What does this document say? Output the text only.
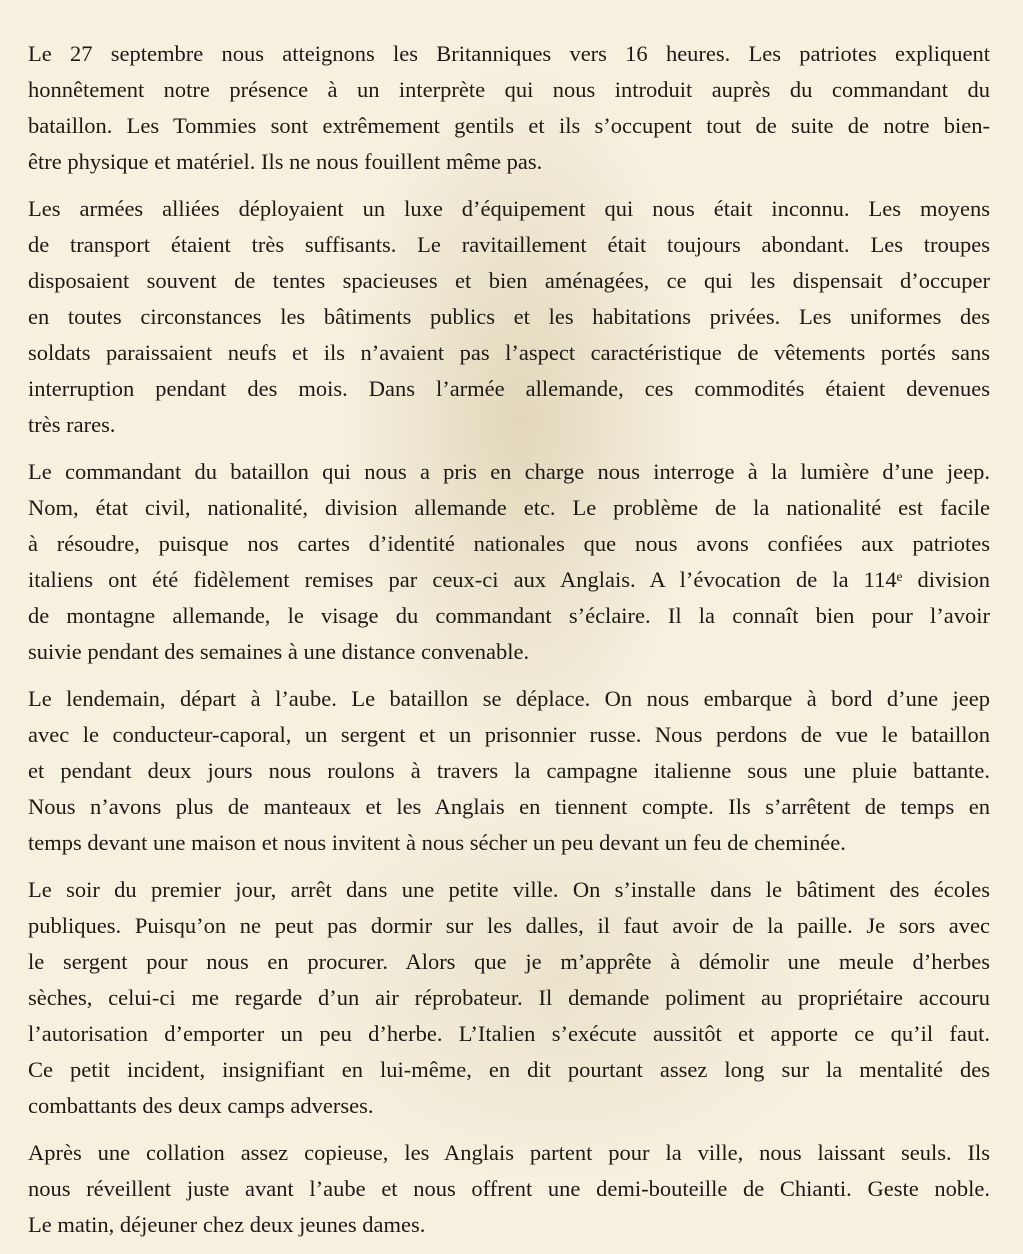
Le 27 septembre nous atteignons les Britanniques vers 16 heures. Les patriotes expliquent
honnêtement notre présence à un interprète qui nous introduit auprès du commandant du
bataillon. Les Tommies sont extrêmement gentils et ils s’occupent tout de suite de notre bien-
être physique et matériel. Ils ne nous fouillent même pas.
Les armées alliées déployaient un luxe d’équipement qui nous était inconnu. Les moyens
de transport étaient très suffisants. Le ravitaillement était toujours abondant. Les troupes
disposaient souvent de tentes spacieuses et bien aménagées, ce qui les dispensait d’occuper
en toutes circonstances les bâtiments publics et les habitations privées. Les uniformes des
soldats paraissaient neufs et ils n’avaient pas l’aspect caractéristique de vêtements portés sans
interruption pendant des mois. Dans l’armée allemande, ces commodités étaient devenues
très rares.
Le commandant du bataillon qui nous a pris en charge nous interroge à la lumière d’une jeep.
Nom, état civil, nationalité, division allemande etc. Le problème de la nationalité est facile
à résoudre, puisque nos cartes d’identité nationales que nous avons confiées aux patriotes
italiens ont été fidèlement remises par ceux-ci aux Anglais. A l’évocation de la 114ᵉ division
de montagne allemande, le visage du commandant s’éclaire. Il la connaît bien pour l’avoir
suivie pendant des semaines à une distance convenable.
Le lendemain, départ à l’aube. Le bataillon se déplace. On nous embarque à bord d’une jeep
avec le conducteur-caporal, un sergent et un prisonnier russe. Nous perdons de vue le bataillon
et pendant deux jours nous roulons à travers la campagne italienne sous une pluie battante.
Nous n’avons plus de manteaux et les Anglais en tiennent compte. Ils s’arrêtent de temps en
temps devant une maison et nous invitent à nous sécher un peu devant un feu de cheminée.
Le soir du premier jour, arrêt dans une petite ville. On s’installe dans le bâtiment des écoles
publiques. Puisqu’on ne peut pas dormir sur les dalles, il faut avoir de la paille. Je sors avec
le sergent pour nous en procurer. Alors que je m’apprête à démolir une meule d’herbes
sèches, celui-ci me regarde d’un air réprobateur. Il demande poliment au propriétaire accouru
l’autorisation d’emporter un peu d’herbe. L’Italien s’exécute aussitôt et apporte ce qu’il faut.
Ce petit incident, insignifiant en lui-même, en dit pourtant assez long sur la mentalité des
combattants des deux camps adverses.
Après une collation assez copieuse, les Anglais partent pour la ville, nous laissant seuls. Ils
nous réveillent juste avant l’aube et nous offrent une demi-bouteille de Chianti. Geste noble.
Le matin, déjeuner chez deux jeunes dames.
